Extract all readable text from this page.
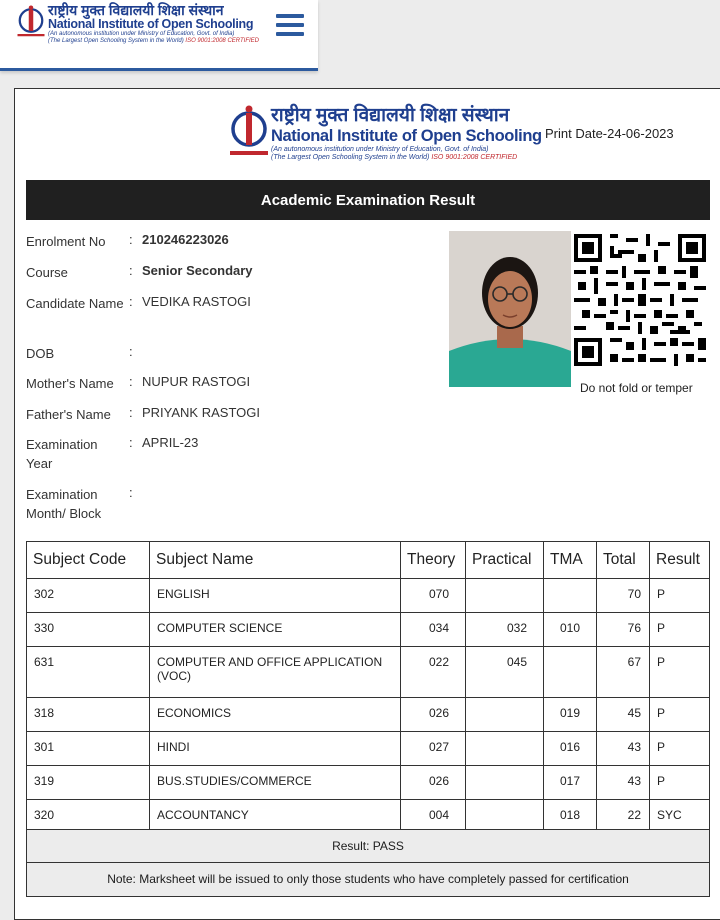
राष्ट्रीय मुक्त विद्यालयी शिक्षा संस्थान
National Institute of Open Schooling
(An autonomous institution under Ministry of Education, Govt. of India)
(The Largest Open Schooling System in the World) ISO 9001:2008 CERTIFIED
राष्ट्रीय मुक्त विद्यालयी शिक्षा संस्थान
National Institute of Open Schooling
(An autonomous institution under Ministry of Education, Govt. of India)
(The Largest Open Schooling System in the World) ISO 9001:2008 CERTIFIED
Print Date-24-06-2023
Academic Examination Result
Enrolment No	: 210246223026
Course	: Senior Secondary
Candidate Name : VEDIKA RASTOGI
DOB	:
Mother's Name	: NUPUR RASTOGI
Father's Name	: PRIYANK RASTOGI
Examination Year
: APRIL-23
Examination Month/ Block
:
Do not fold or temper
Subject Code	Subject Name	Theory	Practical	TMA	Total	Result
302	ENGLISH	070			70	P
330	COMPUTER SCIENCE	034	032	010	76	P
631	COMPUTER AND OFFICE APPLICATION (VOC)	022	045		67	P
318	ECONOMICS	026		019	45	P
301	HINDI	027		016	43	P
319	BUS.STUDIES/COMMERCE	026		017	43	P
320	ACCOUNTANCY	004		018	22	SYC
Result: PASS
Note: Marksheet will be issued to only those students who have completely passed for certification
